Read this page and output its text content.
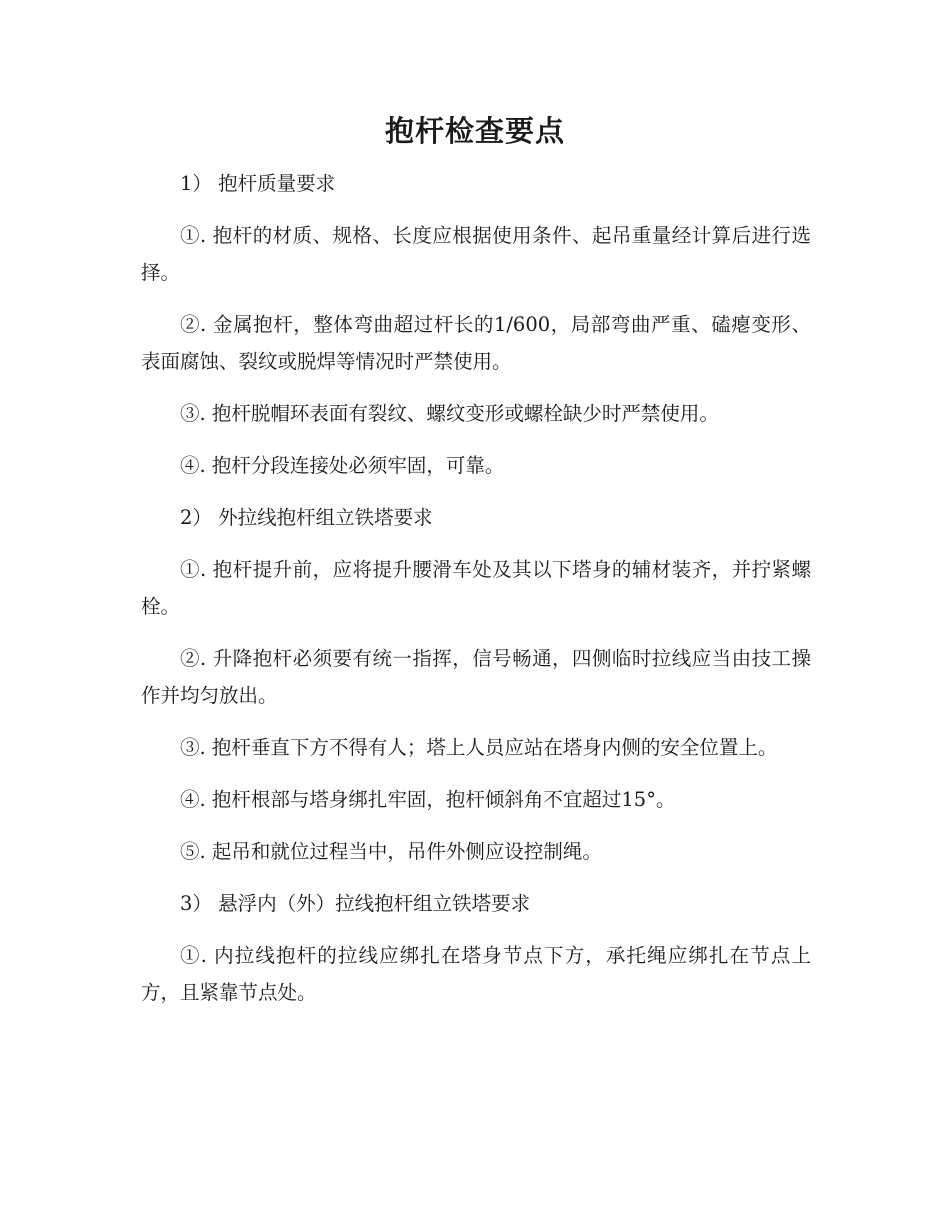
抱杆检查要点

1） 抱杆质量要求

①. 抱杆的材质、规格、长度应根据使用条件、起吊重量经计算后进行选择。

②. 金属抱杆，整体弯曲超过杆长的1/600，局部弯曲严重、磕瘪变形、表面腐蚀、裂纹或脱焊等情况时严禁使用。

③. 抱杆脱帽环表面有裂纹、螺纹变形或螺栓缺少时严禁使用。

④. 抱杆分段连接处必须牢固，可靠。

2） 外拉线抱杆组立铁塔要求

①. 抱杆提升前，应将提升腰滑车处及其以下塔身的辅材装齐，并拧紧螺栓。

②. 升降抱杆必须要有统一指挥，信号畅通，四侧临时拉线应当由技工操作并均匀放出。

③. 抱杆垂直下方不得有人；塔上人员应站在塔身内侧的安全位置上。

④. 抱杆根部与塔身绑扎牢固，抱杆倾斜角不宜超过15°。

⑤. 起吊和就位过程当中，吊件外侧应设控制绳。

3） 悬浮内（外）拉线抱杆组立铁塔要求

①. 内拉线抱杆的拉线应绑扎在塔身节点下方，承托绳应绑扎在节点上方，且紧靠节点处。
